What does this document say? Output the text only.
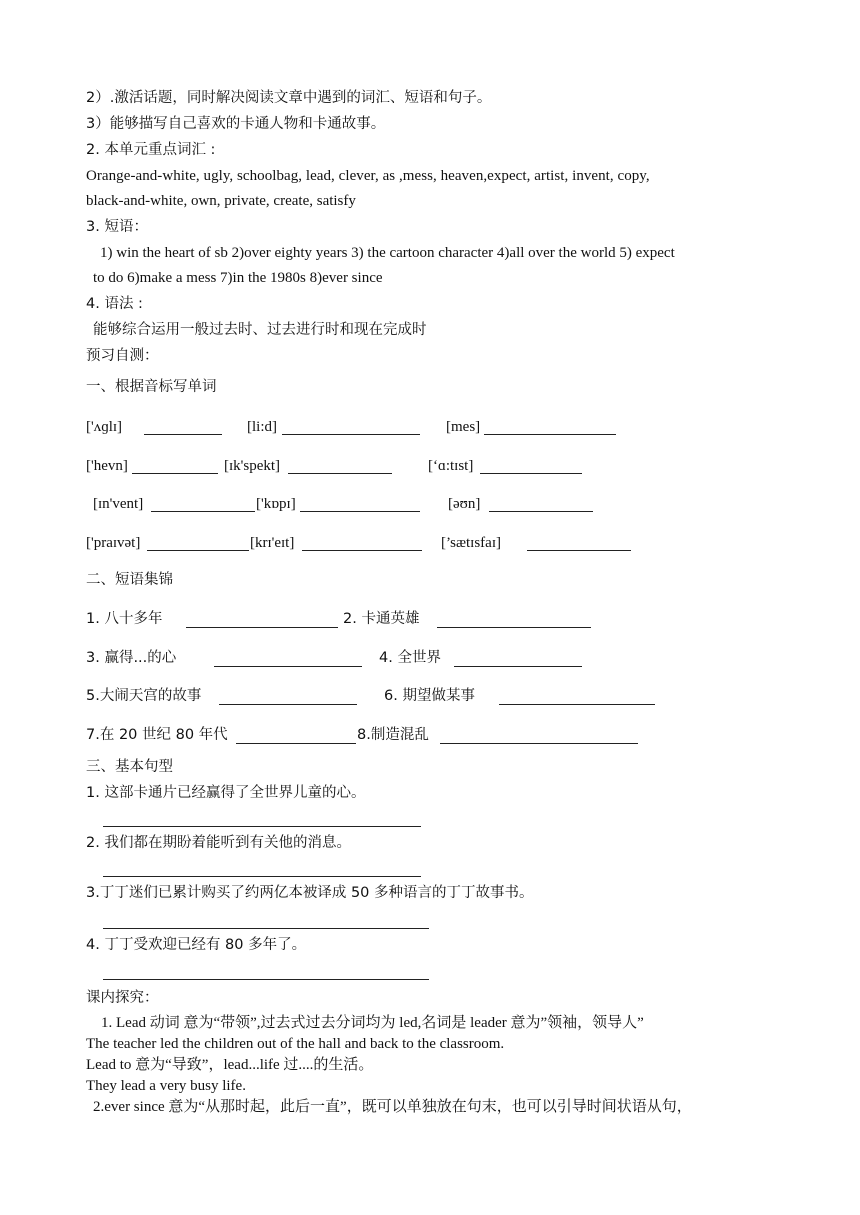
2）.激活话题，同时解决阅读文章中遇到的词汇、短语和句子。
3）能够描写自己喜欢的卡通人物和卡通故事。
2. 本单元重点词汇 :
Orange-and-white, ugly, schoolbag, lead, clever, as ,mess, heaven,expect, artist, invent, copy,
black-and-white, own, private, create, satisfy
3. 短语：
1) win the heart of sb 2)over eighty years 3) the cartoon character 4)all over the world 5) expect
to do 6)make a mess 7)in the 1980s 8)ever since
4. 语法 :
能够综合运用一般过去时、过去进行时和现在完成时
预习自测：
一、根据音标写单词
['ʌɡlɪ]	[li:d]	[mes]
['hevn]	[ɪk'spekt]	[‘ɑ:tɪst]
[ɪn'vent]	['kɒpɪ]	[əʊn]
['praɪvət]	[krɪ'eɪt]	[’sætɪsfaɪ]
二、短语集锦
1. 八十多年	2. 卡通英雄
3. 赢得...的心	4. 全世界
5.大闹天宫的故事	6. 期望做某事
7.在 20 世纪 80 年代	8.制造混乱
三、基本句型
1. 这部卡通片已经赢得了全世界儿童的心。
2. 我们都在期盼着能听到有关他的消息。
3.丁丁迷们已累计购买了约两亿本被译成 50 多种语言的丁丁故事书。
4. 丁丁受欢迎已经有 80 多年了。
课内探究：
1. Lead 动词 意为“带领”,过去式过去分词均为 led,名词是 leader 意为”领袖，领导人”
The teacher led the children out of the hall and back to the classroom.
Lead to 意为“导致”，lead...life 过....的生活。
They lead a very busy life.
2.ever since 意为“从那时起，此后一直”，既可以单独放在句末，也可以引导时间状语从句，
